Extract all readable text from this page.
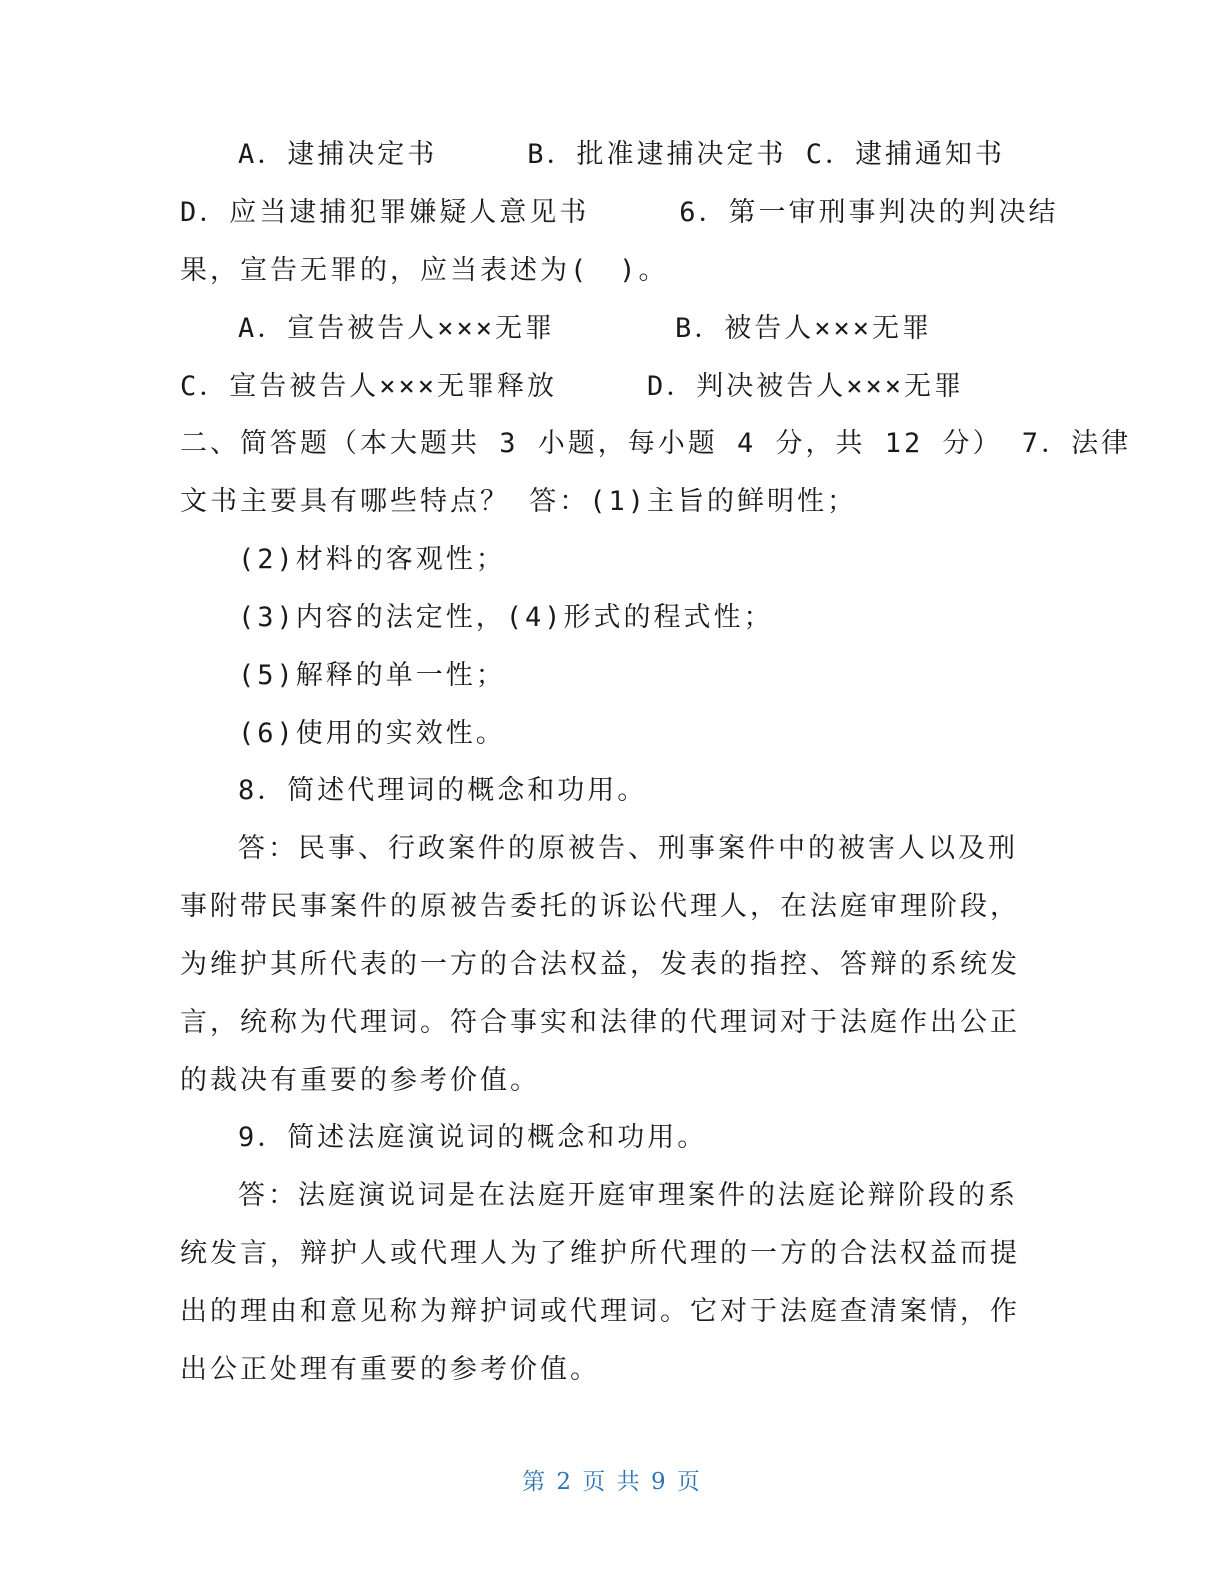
A．逮捕决定书　　　B．批准逮捕决定书 C．逮捕通知书
D．应当逮捕犯罪嫌疑人意见书　　　6．第一审刑事判决的判决结
果，宣告无罪的，应当表述为(　)。
A．宣告被告人×××无罪　　　　B．被告人×××无罪
C．宣告被告人×××无罪释放　　　D．判决被告人×××无罪
二、简答题（本大题共 3 小题，每小题 4 分，共 12 分） 7．法律
文书主要具有哪些特点？ 答：(1)主旨的鲜明性；
(2)材料的客观性；
(3)内容的法定性，(4)形式的程式性；
(5)解释的单一性；
(6)使用的实效性。
8．简述代理词的概念和功用。
答：民事、行政案件的原被告、刑事案件中的被害人以及刑
事附带民事案件的原被告委托的诉讼代理人，在法庭审理阶段，
为维护其所代表的一方的合法权益，发表的指控、答辩的系统发
言，统称为代理词。符合事实和法律的代理词对于法庭作出公正
的裁决有重要的参考价值。
9．简述法庭演说词的概念和功用。
答：法庭演说词是在法庭开庭审理案件的法庭论辩阶段的系
统发言，辩护人或代理人为了维护所代理的一方的合法权益而提
出的理由和意见称为辩护词或代理词。它对于法庭查清案情，作
出公正处理有重要的参考价值。
第 2 页 共 9 页
